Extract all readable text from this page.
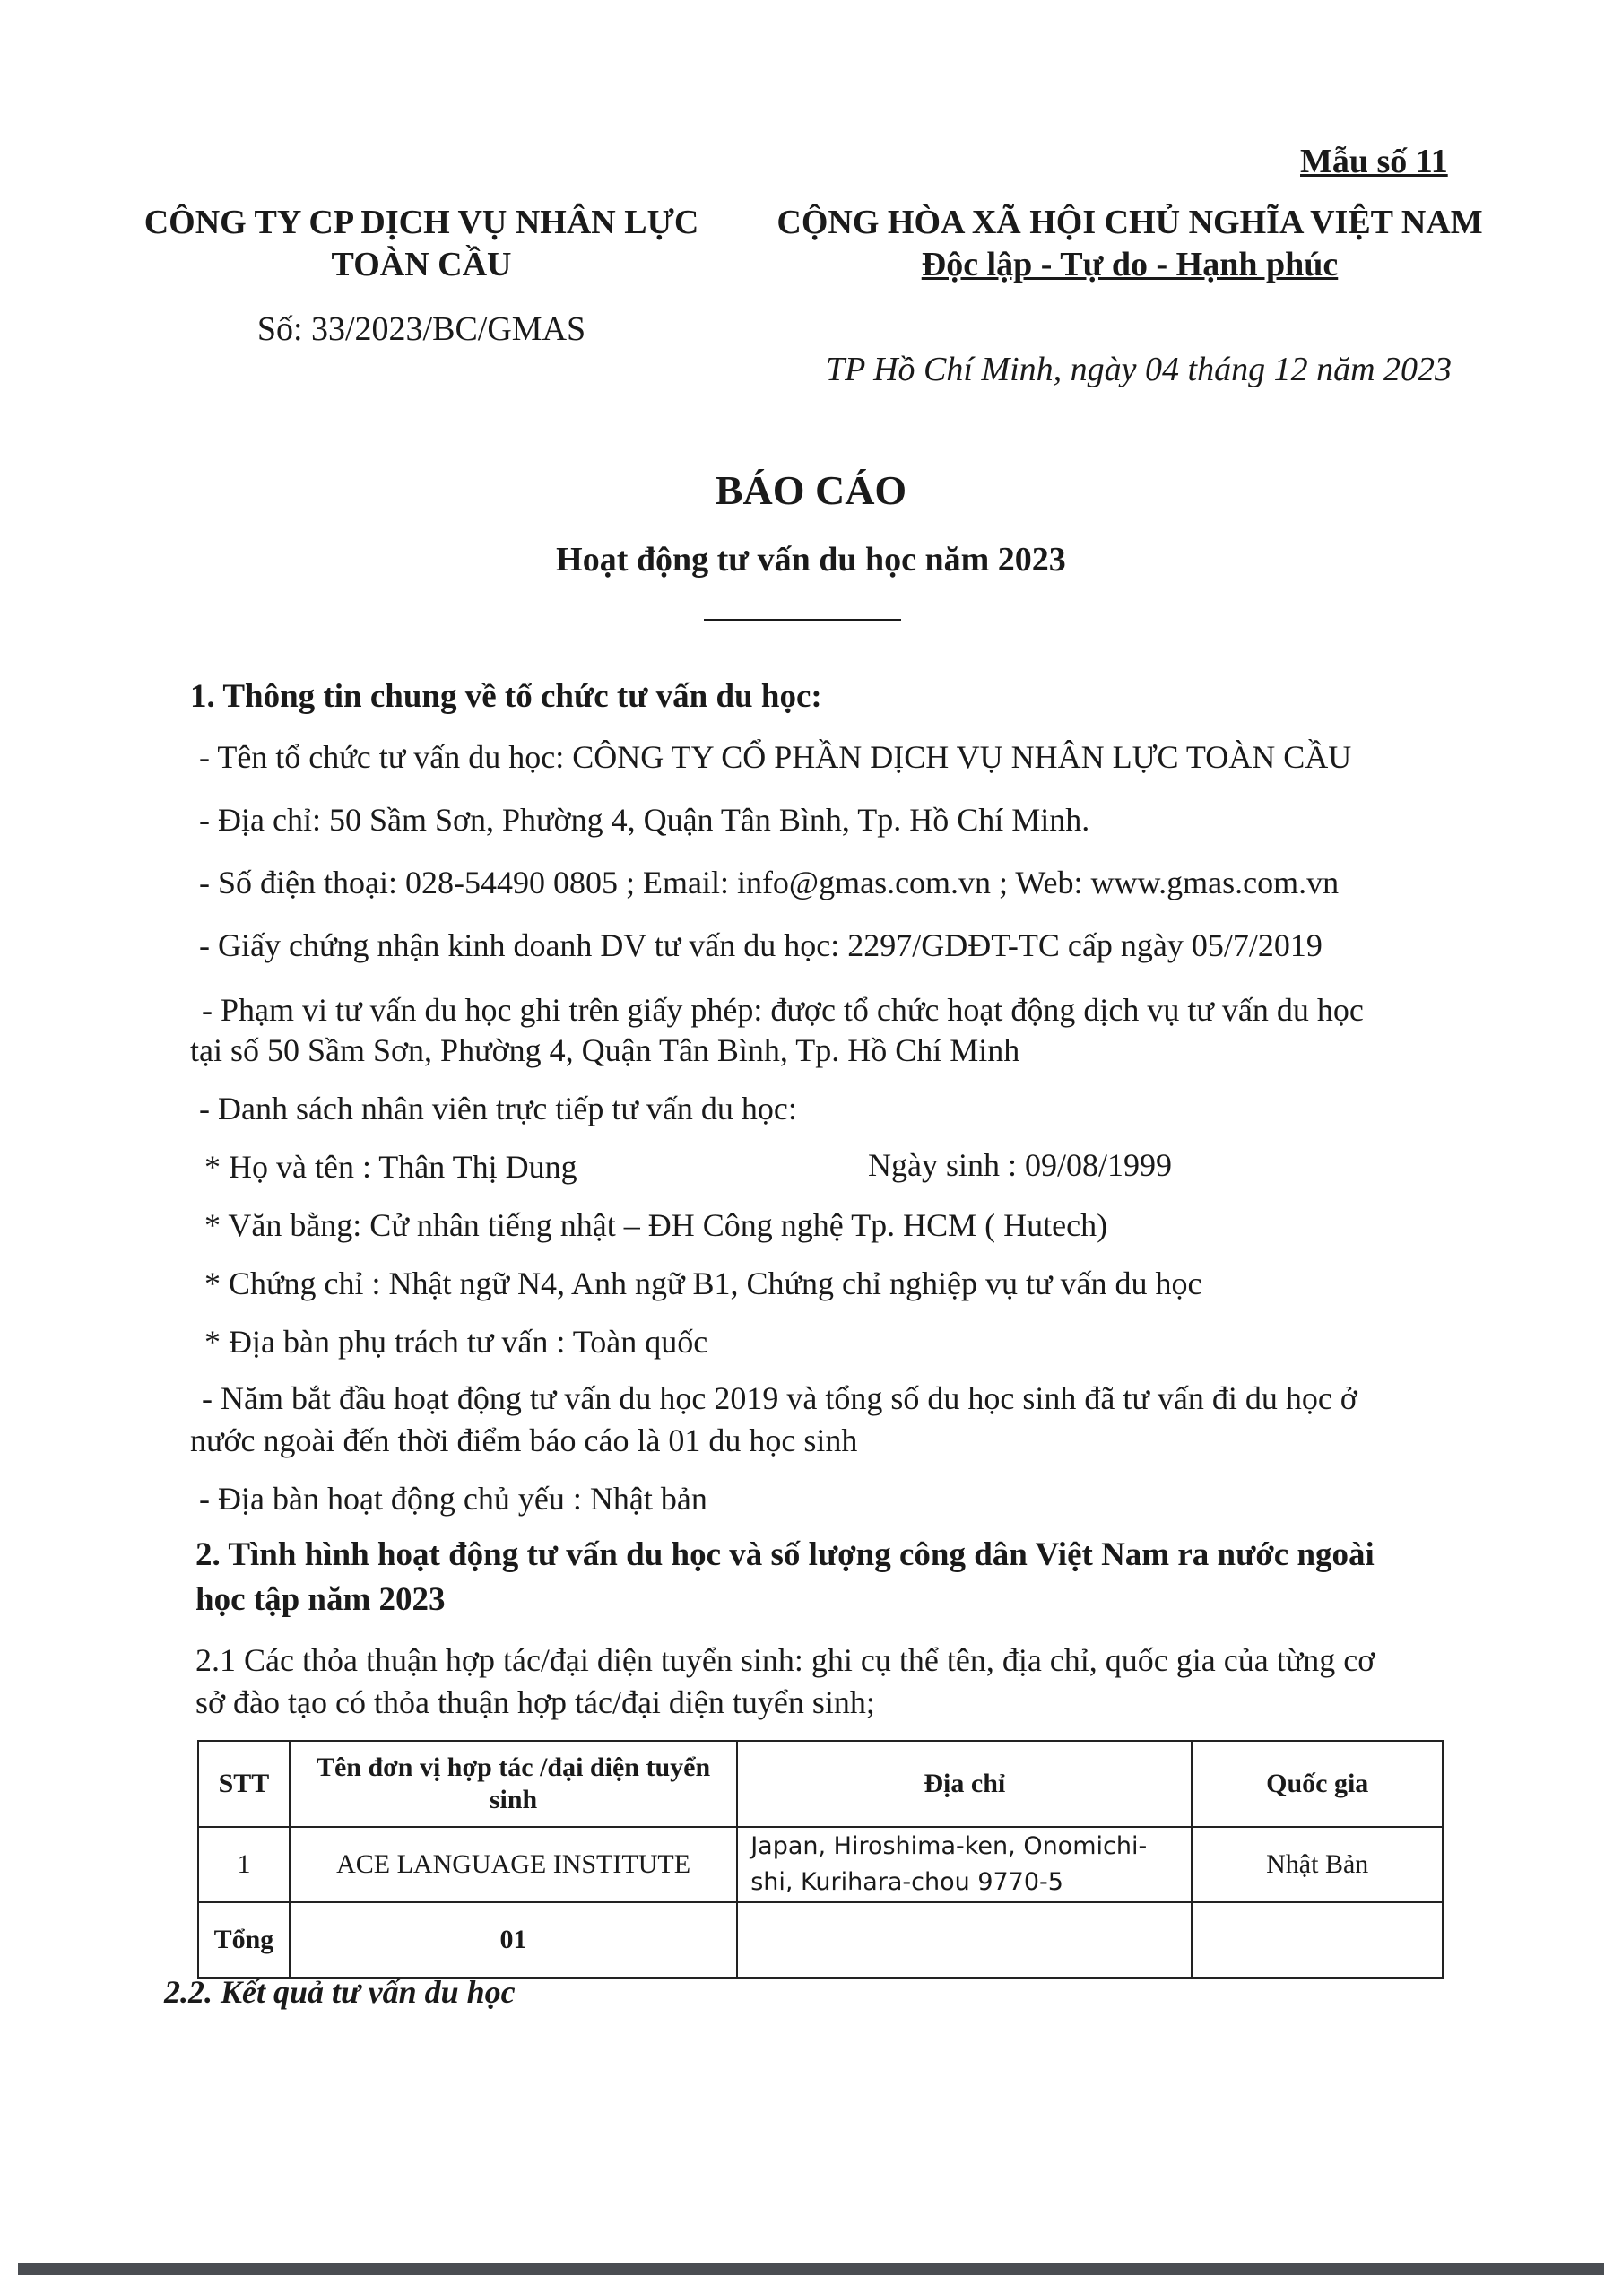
Mẫu số 11
CÔNG TY CP DỊCH VỤ NHÂN LỰC
TOÀN CẦU
CỘNG HÒA XÃ HỘI CHỦ NGHĨA VIỆT NAM
Độc lập - Tự do - Hạnh phúc
Số: 33/2023/BC/GMAS
TP Hồ Chí Minh, ngày 04 tháng 12 năm 2023
BÁO CÁO
Hoạt động tư vấn du học năm 2023
1. Thông tin chung về tổ chức tư vấn du học:
- Tên tổ chức tư vấn du học: CÔNG TY CỔ PHẦN DỊCH VỤ NHÂN LỰC TOÀN CẦU
- Địa chỉ: 50 Sầm Sơn, Phường 4, Quận Tân Bình, Tp. Hồ Chí Minh.
- Số điện thoại: 028-54490 0805 ; Email: info@gmas.com.vn ; Web: www.gmas.com.vn
- Giấy chứng nhận kinh doanh DV tư vấn du học: 2297/GDĐT-TC cấp ngày 05/7/2019
- Phạm vi tư vấn du học ghi trên giấy phép: được tổ chức hoạt động dịch vụ tư vấn du học
tại số 50 Sầm Sơn, Phường 4, Quận Tân Bình, Tp. Hồ Chí Minh
- Danh sách nhân viên trực tiếp tư vấn du học:
* Họ và tên : Thân Thị Dung	Ngày sinh : 09/08/1999
* Văn bằng: Cử nhân tiếng nhật – ĐH Công nghệ Tp. HCM ( Hutech)
* Chứng chỉ : Nhật ngữ N4, Anh ngữ B1, Chứng chỉ nghiệp vụ tư vấn du học
* Địa bàn phụ trách tư vấn : Toàn quốc
- Năm bắt đầu hoạt động tư vấn du học 2019 và tổng số du học sinh đã tư vấn đi du học ở
nước ngoài đến thời điểm báo cáo là 01 du học sinh
- Địa bàn hoạt động chủ yếu : Nhật bản
2. Tình hình hoạt động tư vấn du học và số lượng công dân Việt Nam ra nước ngoài
học tập năm 2023
2.1 Các thỏa thuận hợp tác/đại diện tuyển sinh: ghi cụ thể tên, địa chỉ, quốc gia của từng cơ
sở đào tạo có thỏa thuận hợp tác/đại diện tuyển sinh;
STT	Tên đơn vị hợp tác /đại diện tuyển sinh	Địa chỉ	Quốc gia
1	ACE LANGUAGE INSTITUTE	Japan, Hiroshima-ken, Onomichi-
shi, Kurihara-chou 9770-5	Nhật Bản
Tổng	01		
2.2. Kết quả tư vấn du học
